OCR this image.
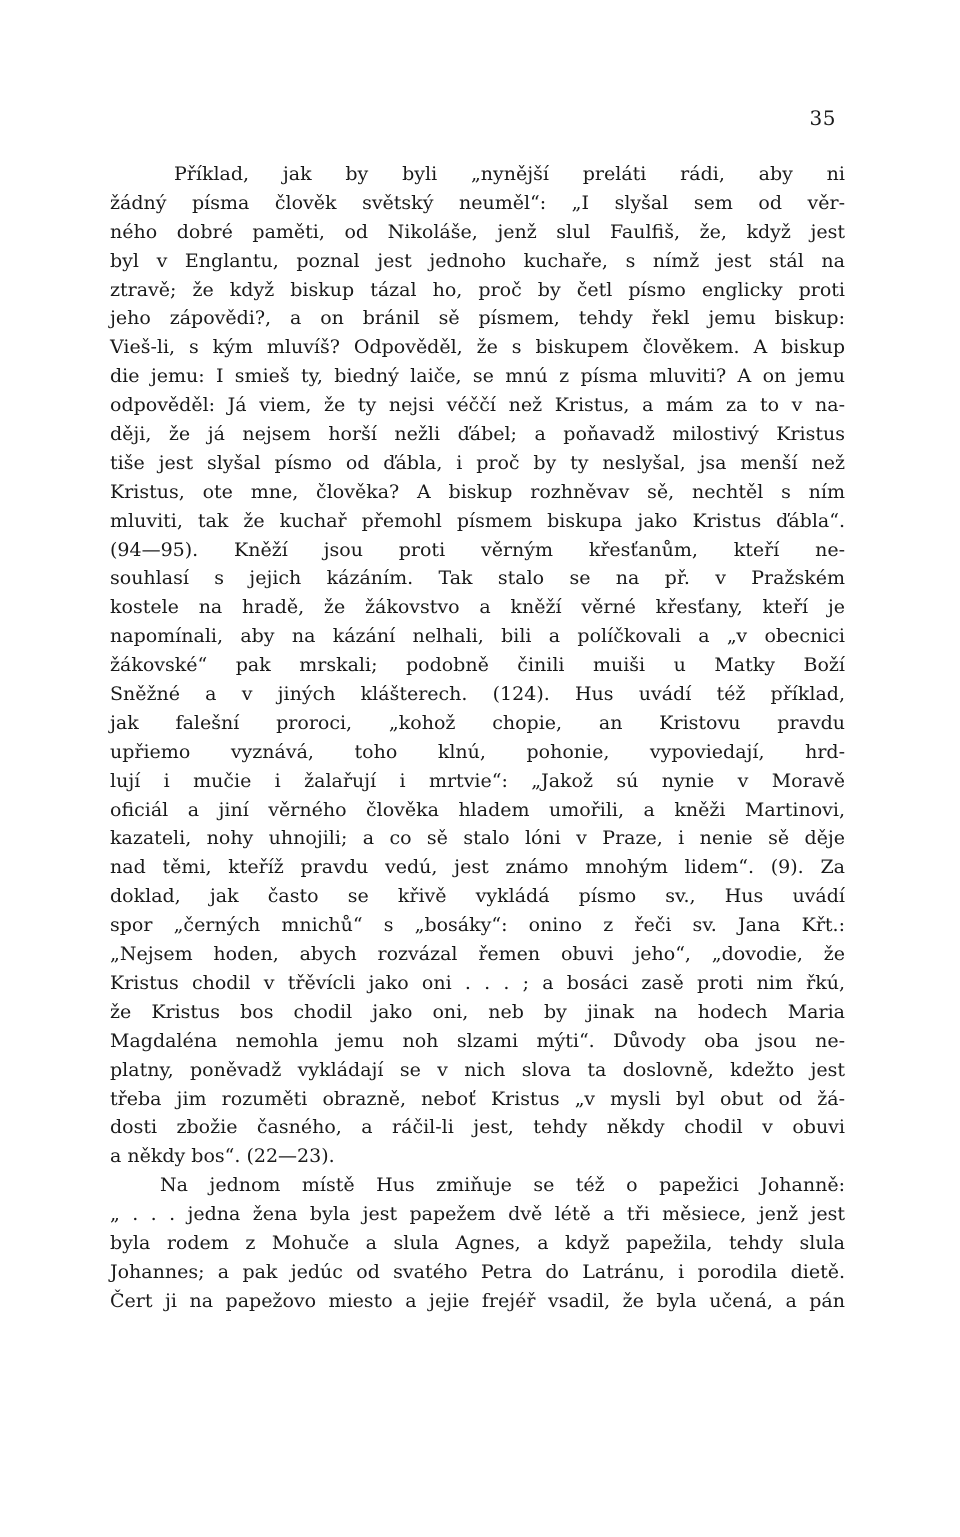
35
Příklad, jak by byli „nynější preláti rádi, aby ni
žádný písma člověk světský neuměl“: „I slyšal sem od věr-
ného dobré paměti, od Nikoláše, jenž slul Faulfiš, že, když jest
byl v Englantu, poznal jest jednoho kuchaře, s nímž jest stál na
ztravě; že když biskup tázal ho, proč by četl písmo englicky proti
jeho zápovědi?, a on bránil sě písmem, tehdy řekl jemu biskup:
Vieš-li, s kým mluvíš? Odpověděl, že s biskupem člověkem. A biskup
die jemu: I smieš ty, biedný laiče, se mnú z písma mluviti? A on jemu
odpověděl: Já viem, že ty nejsi véččí než Kristus, a mám za to v na-
ději, že já nejsem horší nežli ďábel; a poňavadž milostivý Kristus
tiše jest slyšal písmo od ďábla, i proč by ty neslyšal, jsa menší než
Kristus, ote mne, člověka? A biskup rozhněvav sě, nechtěl s ním
mluviti, tak že kuchař přemohl písmem biskupa jako Kristus ďábla“.
(94—95). Kněží jsou proti věrným křesťanům, kteří ne-
souhlasí s jejich kázáním. Tak stalo se na př. v Pražském
kostele na hradě, že žákovstvo a kněží věrné křesťany, kteří je
napomínali, aby na kázání nelhali, bili a políčkovali a „v obecnici
žákovské“ pak mrskali; podobně činili muiši u Matky Boží
Sněžné a v jiných klášterech. (124). Hus uvádí též příklad,
jak falešní proroci, „kohož chopie, an Kristovu pravdu
upřiemo vyznává, toho klnú, pohonie, vypoviedají, hrd-
lují i mučie i žalařují i mrtvie“: „Jakož sú nynie v Moravě
oficiál a jiní věrného člověka hladem umořili, a kněži Martinovi,
kazateli, nohy uhnojili; a co sě stalo lóni v Praze, i nenie sě děje
nad těmi, kteříž pravdu vedú, jest známo mnohým lidem“. (9). Za
doklad, jak často se křivě vykládá písmo sv., Hus uvádí
spor „černých mnichů“ s „bosáky“: onino z řeči sv. Jana Křt.:
„Nejsem hoden, abych rozvázal řemen obuvi jeho“, „dovodie, že
Kristus chodil v třěvícli jako oni . . . ; a bosáci zasě proti nim řkú,
že Kristus bos chodil jako oni, neb by jinak na hodech Maria
Magdaléna nemohla jemu noh slzami mýti“. Důvody oba jsou ne-
platny, poněvadž vykládají se v nich slova ta doslovně, kdežto jest
třeba jim rozuměti obrazně, neboť Kristus „v mysli byl obut od žá-
dosti zbožie časného, a ráčil-li jest, tehdy někdy chodil v obuvi
a někdy bos“. (22—23).
Na jednom místě Hus zmiňuje se též o papežici Johanně:
„ . . . jedna žena byla jest papežem dvě létě a tři měsiece, jenž jest
byla rodem z Mohuče a slula Agnes, a když papežila, tehdy slula
Johannes; a pak jedúc od svatého Petra do Latránu, i porodila dietě.
Čert ji na papežovo miesto a jejie frejéř vsadil, že byla učená, a pán
